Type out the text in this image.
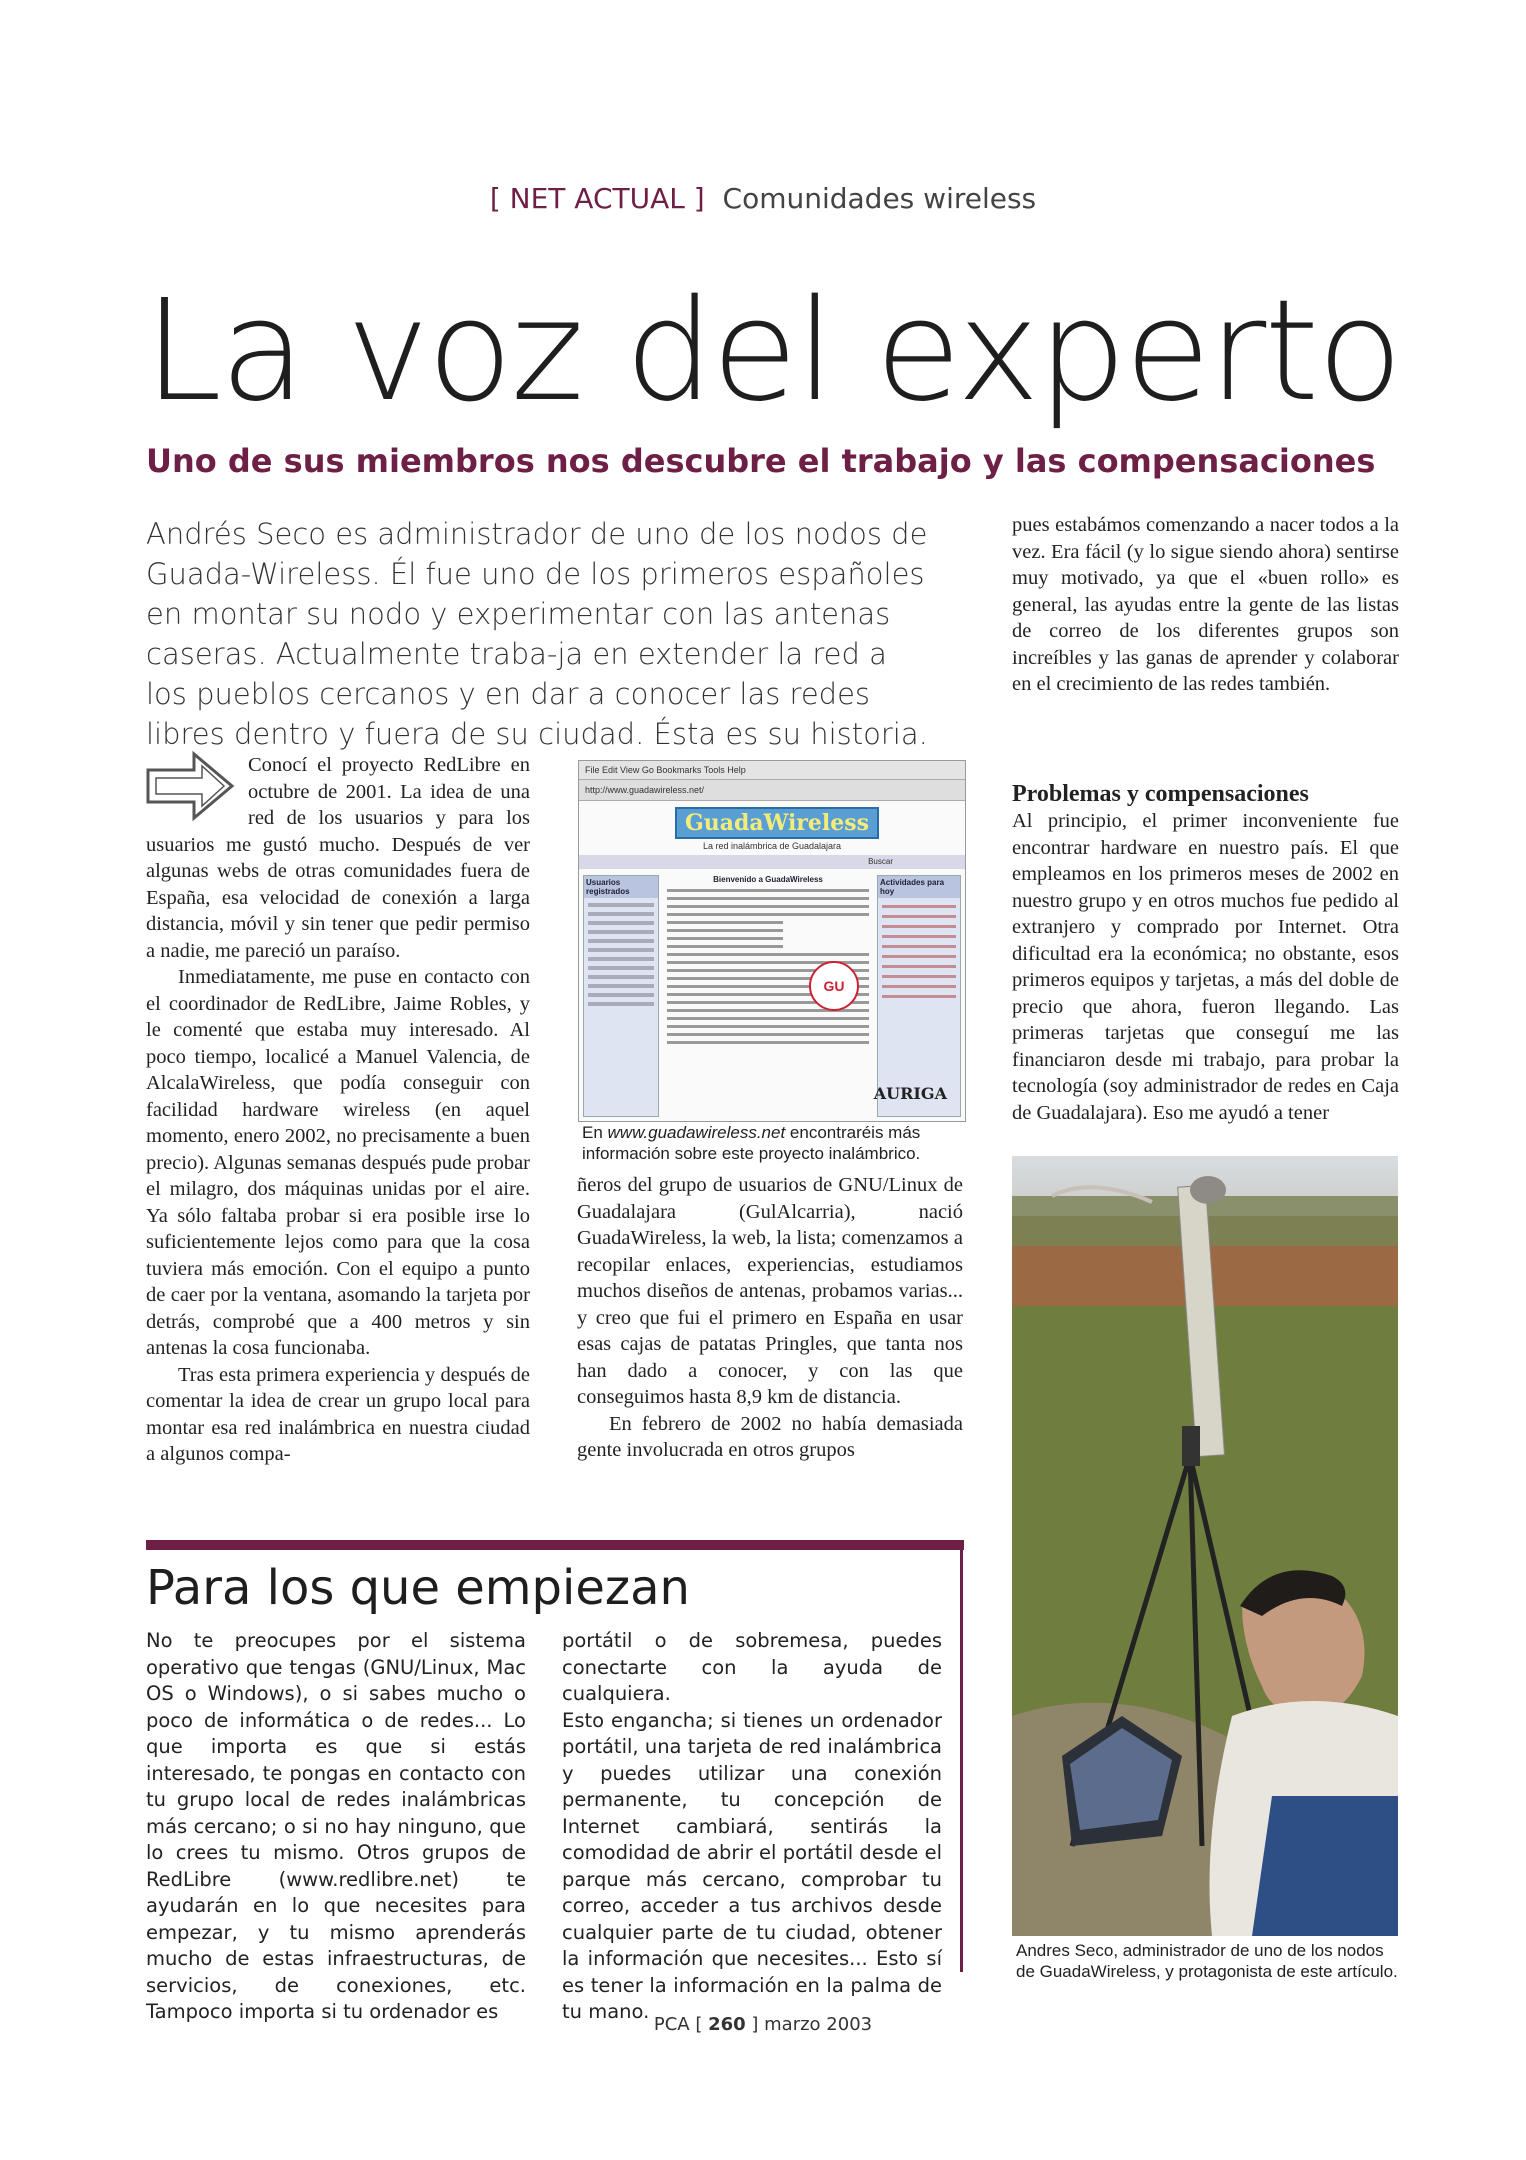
[ NET ACTUAL ] Comunidades wireless
La voz del experto
Uno de sus miembros nos descubre el trabajo y las compensaciones

Andrés Seco es administrador de uno de los nodos de Guada-Wireless. Él fue uno de los primeros españoles en montar su nodo y experimentar con las antenas caseras. Actualmente traba-ja en extender la red a los pueblos cercanos y en dar a conocer las redes libres dentro y fuera de su ciudad. Ésta es su historia.

Conocí el proyecto RedLibre en octubre de 2001. La idea de una red de los usuarios y para los usuarios me gustó mucho. Después de ver algunas webs de otras comunidades fuera de España, esa velocidad de conexión a larga distancia, móvil y sin tener que pedir permiso a nadie, me pareció un paraíso.

Inmediatamente, me puse en contacto con el coordinador de RedLibre, Jaime Robles, y le comenté que estaba muy interesado. Al poco tiempo, localicé a Manuel Valencia, de AlcalaWireless, que podía conseguir con facilidad hardware wireless (en aquel momento, enero 2002, no precisamente a buen precio). Algunas semanas después pude probar el milagro, dos máquinas unidas por el aire. Ya sólo faltaba probar si era posible irse lo suficientemente lejos como para que la cosa tuviera más emoción. Con el equipo a punto de caer por la ventana, asomando la tarjeta por detrás, comprobé que a 400 metros y sin antenas la cosa funcionaba.

Tras esta primera experiencia y después de comentar la idea de crear un grupo local para montar esa red inalámbrica en nuestra ciudad a algunos compa-

File Edit View Go Bookmarks Tools Help
http://www.guadawireless.net/
GuadaWireless
La red inalámbrica de Guadalajara
Buscar
Usuarios registrados
Bienvenido a GuadaWireless
GU
Actividades para hoy
AURIGA
En www.guadawireless.net encontraréis más información sobre este proyecto inalámbrico.

ñeros del grupo de usuarios de GNU/Linux de Guadalajara (GulAlcarria), nació GuadaWireless, la web, la lista; comenzamos a recopilar enlaces, experiencias, estudiamos muchos diseños de antenas, probamos varias... y creo que fui el primero en España en usar esas cajas de patatas Pringles, que tanta nos han dado a conocer, y con las que conseguimos hasta 8,9 km de distancia.

En febrero de 2002 no había demasiada gente involucrada en otros grupos

pues estabámos comenzando a nacer todos a la vez. Era fácil (y lo sigue siendo ahora) sentirse muy motivado, ya que el «buen rollo» es general, las ayudas entre la gente de las listas de correo de los diferentes grupos son increíbles y las ganas de aprender y colaborar en el crecimiento de las redes también.

Problemas y compensaciones

Al principio, el primer inconveniente fue encontrar hardware en nuestro país. El que empleamos en los primeros meses de 2002 en nuestro grupo y en otros muchos fue pedido al extranjero y comprado por Internet. Otra dificultad era la económica; no obstante, esos primeros equipos y tarjetas, a más del doble de precio que ahora, fueron llegando. Las primeras tarjetas que conseguí me las financiaron desde mi trabajo, para probar la tecnología (soy administrador de redes en Caja de Guadalajara). Eso me ayudó a tener

Andres Seco, administrador de uno de los nodos de GuadaWireless, y protagonista de este artículo.
Para los que empiezan
No te preocupes por el sistema operativo que tengas (GNU/Linux, Mac OS o Windows), o si sabes mucho o poco de informática o de redes... Lo que importa es que si estás interesado, te pongas en contacto con tu grupo local de redes inalámbricas más cercano; o si no hay ninguno, que lo crees tu mismo. Otros grupos de RedLibre (www.redlibre.net) te ayudarán en lo que necesites para empezar, y tu mismo aprenderás mucho de estas infraestructuras, de servicios, de conexiones, etc. Tampoco importa si tu ordenador es
portátil o de sobremesa, puedes conectarte con la ayuda de cualquiera.
Esto engancha; si tienes un ordenador portátil, una tarjeta de red inalámbrica y puedes utilizar una conexión permanente, tu concepción de Internet cambiará, sentirás la comodidad de abrir el portátil desde el parque más cercano, comprobar tu correo, acceder a tus archivos desde cualquier parte de tu ciudad, obtener la información que necesites... Esto sí es tener la información en la palma de tu mano.
PCA [ 260 ] marzo 2003
